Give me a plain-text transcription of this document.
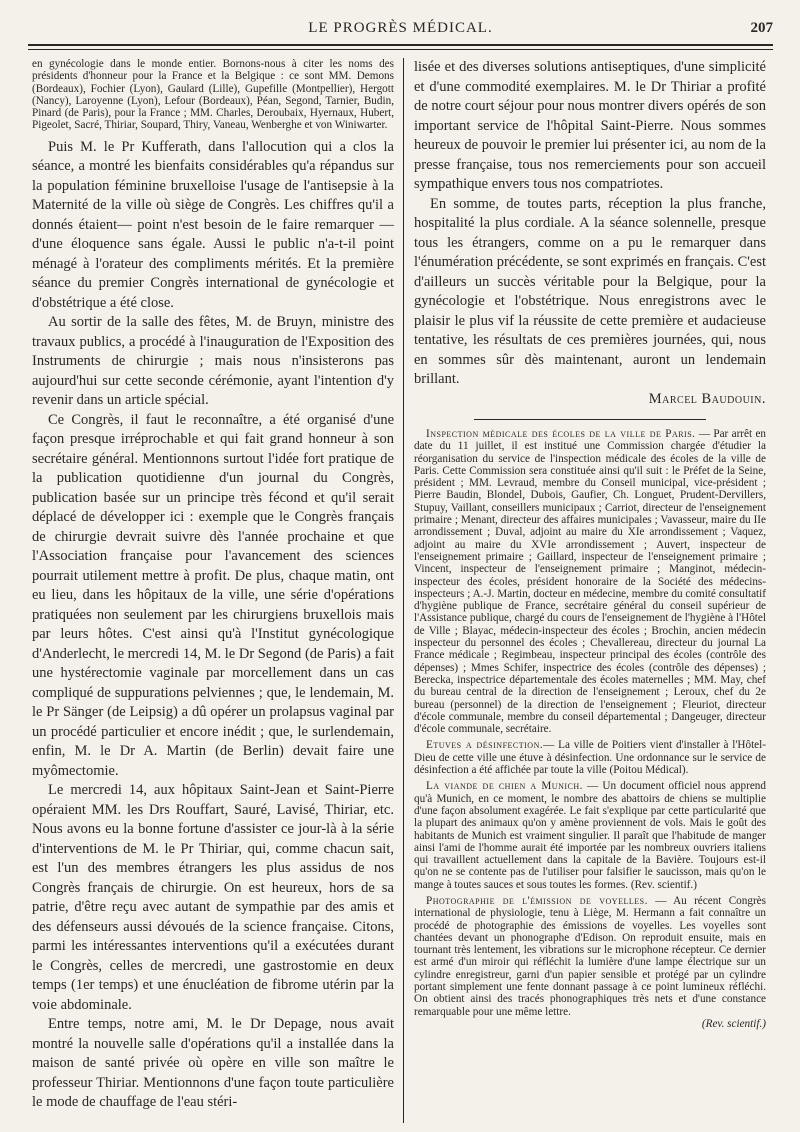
LE PROGRÈS MÉDICAL.	207

en gynécologie dans le monde entier. Bornons-nous à citer les noms des présidents d'honneur pour la France et la Belgique : ce sont MM. Demons (Bordeaux), Fochier (Lyon), Gaulard (Lille), Gupefille (Montpellier), Hergott (Nancy), Laroyenne (Lyon), Lefour (Bordeaux), Péan, Segond, Tarnier, Budin, Pinard (de Paris), pour la France ; MM. Charles, Deroubaix, Hyernaux, Hubert, Pigeolet, Sacré, Thiriar, Soupard, Thiry, Vaneau, Wenberghe et von Winiwarter.

Puis M. le Pr Kufferath, dans l'allocution qui a clos la séance, a montré les bienfaits considérables qu'a répandus sur la population féminine bruxelloise l'usage de l'antisepsie à la Maternité de la ville où siège de Congrès. Les chiffres qu'il a donnés étaient— point n'est besoin de le faire remarquer — d'une éloquence sans égale. Aussi le public n'a-t-il point ménagé à l'orateur des compliments mérités. Et la première séance du premier Congrès international de gynécologie et d'obstétrique a été close.

Au sortir de la salle des fêtes, M. de Bruyn, ministre des travaux publics, a procédé à l'inauguration de l'Exposition des Instruments de chirurgie ; mais nous n'insisterons pas aujourd'hui sur cette seconde cérémonie, ayant l'intention d'y revenir dans un article spécial.

Ce Congrès, il faut le reconnaître, a été organisé d'une façon presque irréprochable et qui fait grand honneur à son secrétaire général. Mentionnons surtout l'idée fort pratique de la publication quotidienne d'un journal du Congrès, publication basée sur un principe très fécond et qu'il serait déplacé de développer ici : exemple que le Congrès français de chirurgie devrait suivre dès l'année prochaine et que l'Association française pour l'avancement des sciences pourrait utilement mettre à profit. De plus, chaque matin, ont eu lieu, dans les hôpitaux de la ville, une série d'opérations pratiquées non seulement par les chirurgiens bruxellois mais par leurs hôtes. C'est ainsi qu'à l'Institut gynécologique d'Anderlecht, le mercredi 14, M. le Dr Segond (de Paris) a fait une hystérectomie vaginale par morcellement dans un cas compliqué de suppurations pelviennes ; que, le lendemain, M. le Pr Sänger (de Leipsig) a dû opérer un prolapsus vaginal par un procédé particulier et encore inédit ; que, le surlendemain, enfin, M. le Dr A. Martin (de Berlin) devait faire une myômectomie.

Le mercredi 14, aux hôpitaux Saint-Jean et Saint-Pierre opéraient MM. les Drs Rouffart, Sauré, Lavisé, Thiriar, etc. Nous avons eu la bonne fortune d'assister ce jour-là à la série d'interventions de M. le Pr Thiriar, qui, comme chacun sait, est l'un des membres étrangers les plus assidus de nos Congrès français de chirurgie. On est heureux, hors de sa patrie, d'être reçu avec autant de sympathie par des amis et des défenseurs aussi dévoués de la science française. Citons, parmi les intéressantes interventions qu'il a exécutées durant le Congrès, celles de mercredi, une gastrostomie en deux temps (1er temps) et une énucléation de fibrome utérin par la voie abdominale.

Entre temps, notre ami, M. le Dr Depage, nous avait montré la nouvelle salle d'opérations qu'il a installée dans la maison de santé privée où opère en ville son maître le professeur Thiriar. Mentionnons d'une façon toute particulière le mode de chauffage de l'eau stéri-

lisée et des diverses solutions antiseptiques, d'une simplicité et d'une commodité exemplaires. M. le Dr Thiriar a profité de notre court séjour pour nous montrer divers opérés de son important service de l'hôpital Saint-Pierre. Nous sommes heureux de pouvoir le premier lui présenter ici, au nom de la presse française, tous nos remerciements pour son accueil sympathique envers tous nos compatriotes.

En somme, de toutes parts, réception la plus franche, hospitalité la plus cordiale. A la séance solennelle, presque tous les étrangers, comme on a pu le remarquer dans l'énumération précédente, se sont exprimés en français. C'est d'ailleurs un succès véritable pour la Belgique, pour la gynécologie et l'obstétrique. Nous enregistrons avec le plaisir le plus vif la réussite de cette première et audacieuse tentative, les résultats de ces premières journées, qui, nous en sommes sûr dès maintenant, auront un lendemain brillant.

Marcel Baudouin.

Inspection médicale des écoles de la ville de Paris. — Par arrêt en date du 11 juillet, il est institué une Commission chargée d'étudier la réorganisation du service de l'inspection médicale des écoles de la ville de Paris. Cette Commission sera constituée ainsi qu'il suit : le Préfet de la Seine, président ; MM. Levraud, membre du Conseil municipal, vice-président ; Pierre Baudin, Blondel, Dubois, Gaufier, Ch. Longuet, Prudent-Dervillers, Stupuy, Vaillant, conseillers municipaux ; Carriot, directeur de l'enseignement primaire ; Menant, directeur des affaires municipales ; Vavasseur, maire du IIe arrondissement ; Duval, adjoint au maire du XIe arrondissement ; Vaquez, adjoint au maire du XVIe arrondissement ; Auvert, inspecteur de l'enseignement primaire ; Gaillard, inspecteur de l'enseignement primaire ; Vincent, inspecteur de l'enseignement primaire ; Manginot, médecin-inspecteur des écoles, président honoraire de la Société des médecins-inspecteurs ; A.-J. Martin, docteur en médecine, membre du comité consultatif d'hygiène publique de France, secrétaire général du conseil supérieur de l'Assistance publique, chargé du cours de l'enseignement de l'hygiène à l'Hôtel de Ville ; Blayac, médecin-inspecteur des écoles ; Brochin, ancien médecin inspecteur du personnel des écoles ; Chevallereau, directeur du journal La France médicale ; Regimbeau, inspecteur principal des écoles (contrôle des dépenses) ; Mmes Schifer, inspectrice des écoles (contrôle des dépenses) ; Berecka, inspectrice départementale des écoles maternelles ; MM. May, chef du bureau central de la direction de l'enseignement ; Leroux, chef du 2e bureau (personnel) de la direction de l'enseignement ; Fleuriot, directeur d'école communale, membre du conseil départemental ; Dangeuger, directeur d'école communale, secrétaire.

Etuves a désinfection.— La ville de Poitiers vient d'installer à l'Hôtel-Dieu de cette ville une étuve à désinfection. Une ordonnance sur le service de désinfection a été affichée par toute la ville (Poitou Médical).

La viande de chien a Munich. — Un document officiel nous apprend qu'à Munich, en ce moment, le nombre des abattoirs de chiens se multiplie d'une façon absolument exagérée. Le fait s'explique par cette particularité que la plupart des animaux qu'on y amène proviennent de vols. Mais le goût des habitants de Munich est vraiment singulier. Il paraît que l'habitude de manger ainsi l'ami de l'homme aurait été importée par les nombreux ouvriers italiens qui travaillent actuellement dans la capitale de la Bavière. Toujours est-il qu'on ne se contente pas de l'utiliser pour falsifier le saucisson, mais qu'on le mange à toutes sauces et sous toutes les formes. (Rev. scientif.)

Photographie de l'émission de voyelles. — Au récent Congrès international de physiologie, tenu à Liège, M. Hermann a fait connaître un procédé de photographie des émissions de voyelles. Les voyelles sont chantées devant un phonographe d'Edison. On reproduit ensuite, mais en tournant très lentement, les vibrations sur le microphone récepteur. Ce dernier est armé d'un miroir qui réfléchit la lumière d'une lampe électrique sur un cylindre enregistreur, garni d'un papier sensible et protégé par un cylindre portant simplement une fente donnant passage à ce point lumineux réfléchi. On obtient ainsi des tracés phonographiques très nets et d'une constance remarquable pour une même lettre.

(Rev. scientif.)
